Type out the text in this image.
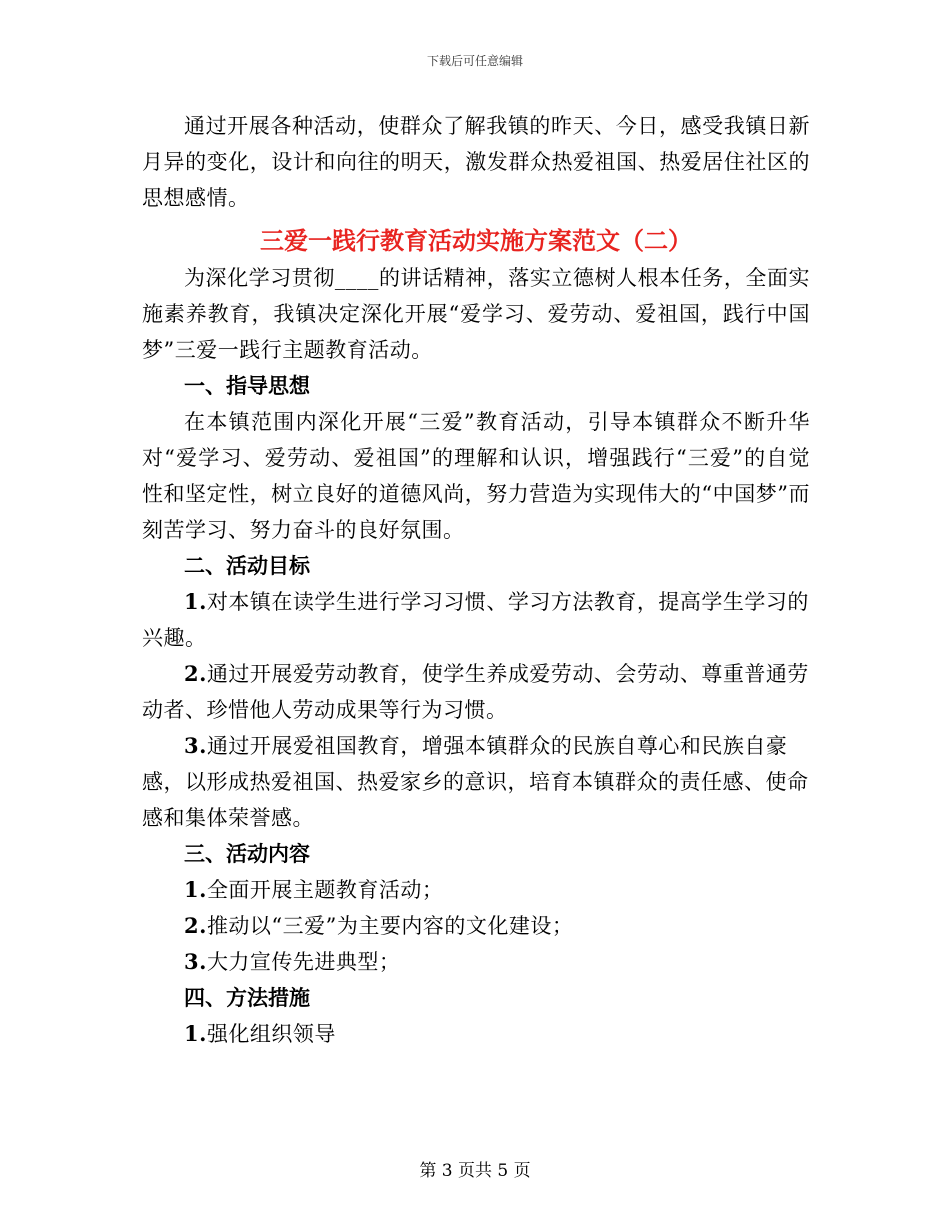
下载后可任意编辑

通过开展各种活动，使群众了解我镇的昨天、今日，感受我镇日新月异的变化，设计和向往的明天，激发群众热爱祖国、热爱居住社区的思想感情。

三爱一践行教育活动实施方案范文（二）

为深化学习贯彻____的讲话精神，落实立德树人根本任务，全面实施素养教育，我镇决定深化开展“爱学习、爱劳动、爱祖国，践行中国梦”三爱一践行主题教育活动。

一、指导思想

在本镇范围内深化开展“三爱”教育活动，引导本镇群众不断升华对“爱学习、爱劳动、爱祖国”的理解和认识，增强践行“三爱”的自觉性和坚定性，树立良好的道德风尚，努力营造为实现伟大的“中国梦”而刻苦学习、努力奋斗的良好氛围。

二、活动目标

1.对本镇在读学生进行学习习惯、学习方法教育，提高学生学习的兴趣。

2.通过开展爱劳动教育，使学生养成爱劳动、会劳动、尊重普通劳动者、珍惜他人劳动成果等行为习惯。

3.通过开展爱祖国教育，增强本镇群众的民族自尊心和民族自豪感，以形成热爱祖国、热爱家乡的意识，培育本镇群众的责任感、使命感和集体荣誉感。

三、活动内容

1.全面开展主题教育活动；

2.推动以“三爱”为主要内容的文化建设；

3.大力宣传先进典型；

四、方法措施

1.强化组织领导

第 3 页共 5 页
